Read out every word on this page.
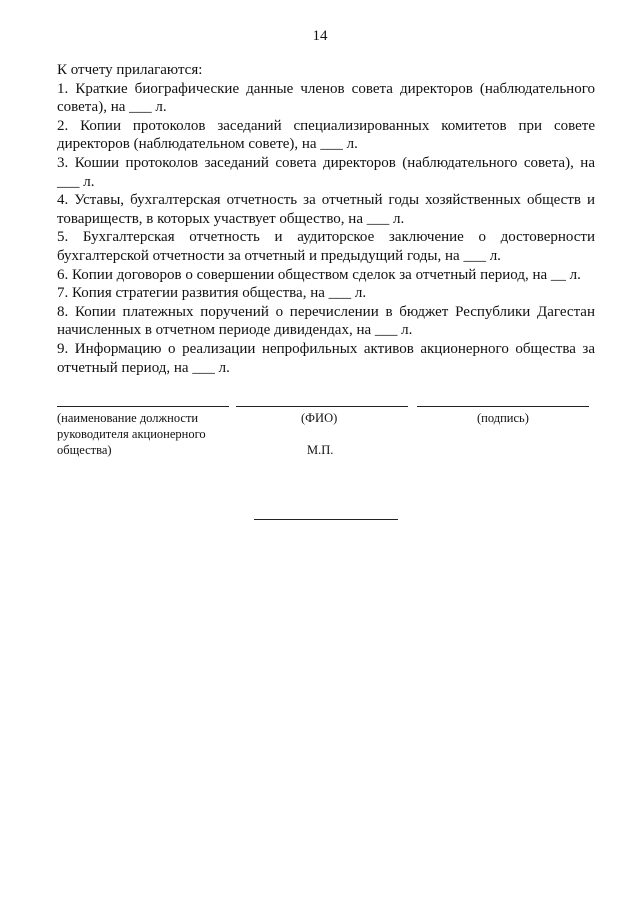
14

К отчету прилагаются:

1. Краткие биографические данные членов совета директоров (наблюдательного совета), на ___ л.

2. Копии протоколов заседаний специализированных комитетов при совете директоров (наблюдательном совете), на ___ л.

3. Кошии протоколов заседаний совета директоров (наблюдательного совета), на ___ л.

4. Уставы, бухгалтерская отчетность за отчетный годы хозяйственных обществ и товариществ, в которых участвует общество, на ___ л.

5. Бухгалтерская отчетность и аудиторское заключение о достоверности бухгалтерской отчетности за отчетный и предыдущий годы, на ___ л.

6. Копии договоров о совершении обществом сделок за отчетный период, на __ л.

7. Копия стратегии развития общества, на ___ л.

8. Копии платежных поручений о перечислении в бюджет Республики Дагестан начисленных в отчетном периоде дивидендах, на ___ л.

9. Информацию о реализации непрофильных активов акционерного общества за отчетный период, на ___ л.

(наименование должности руководителя акционерного общества)
(ФИО)	(подпись)
М.П.
